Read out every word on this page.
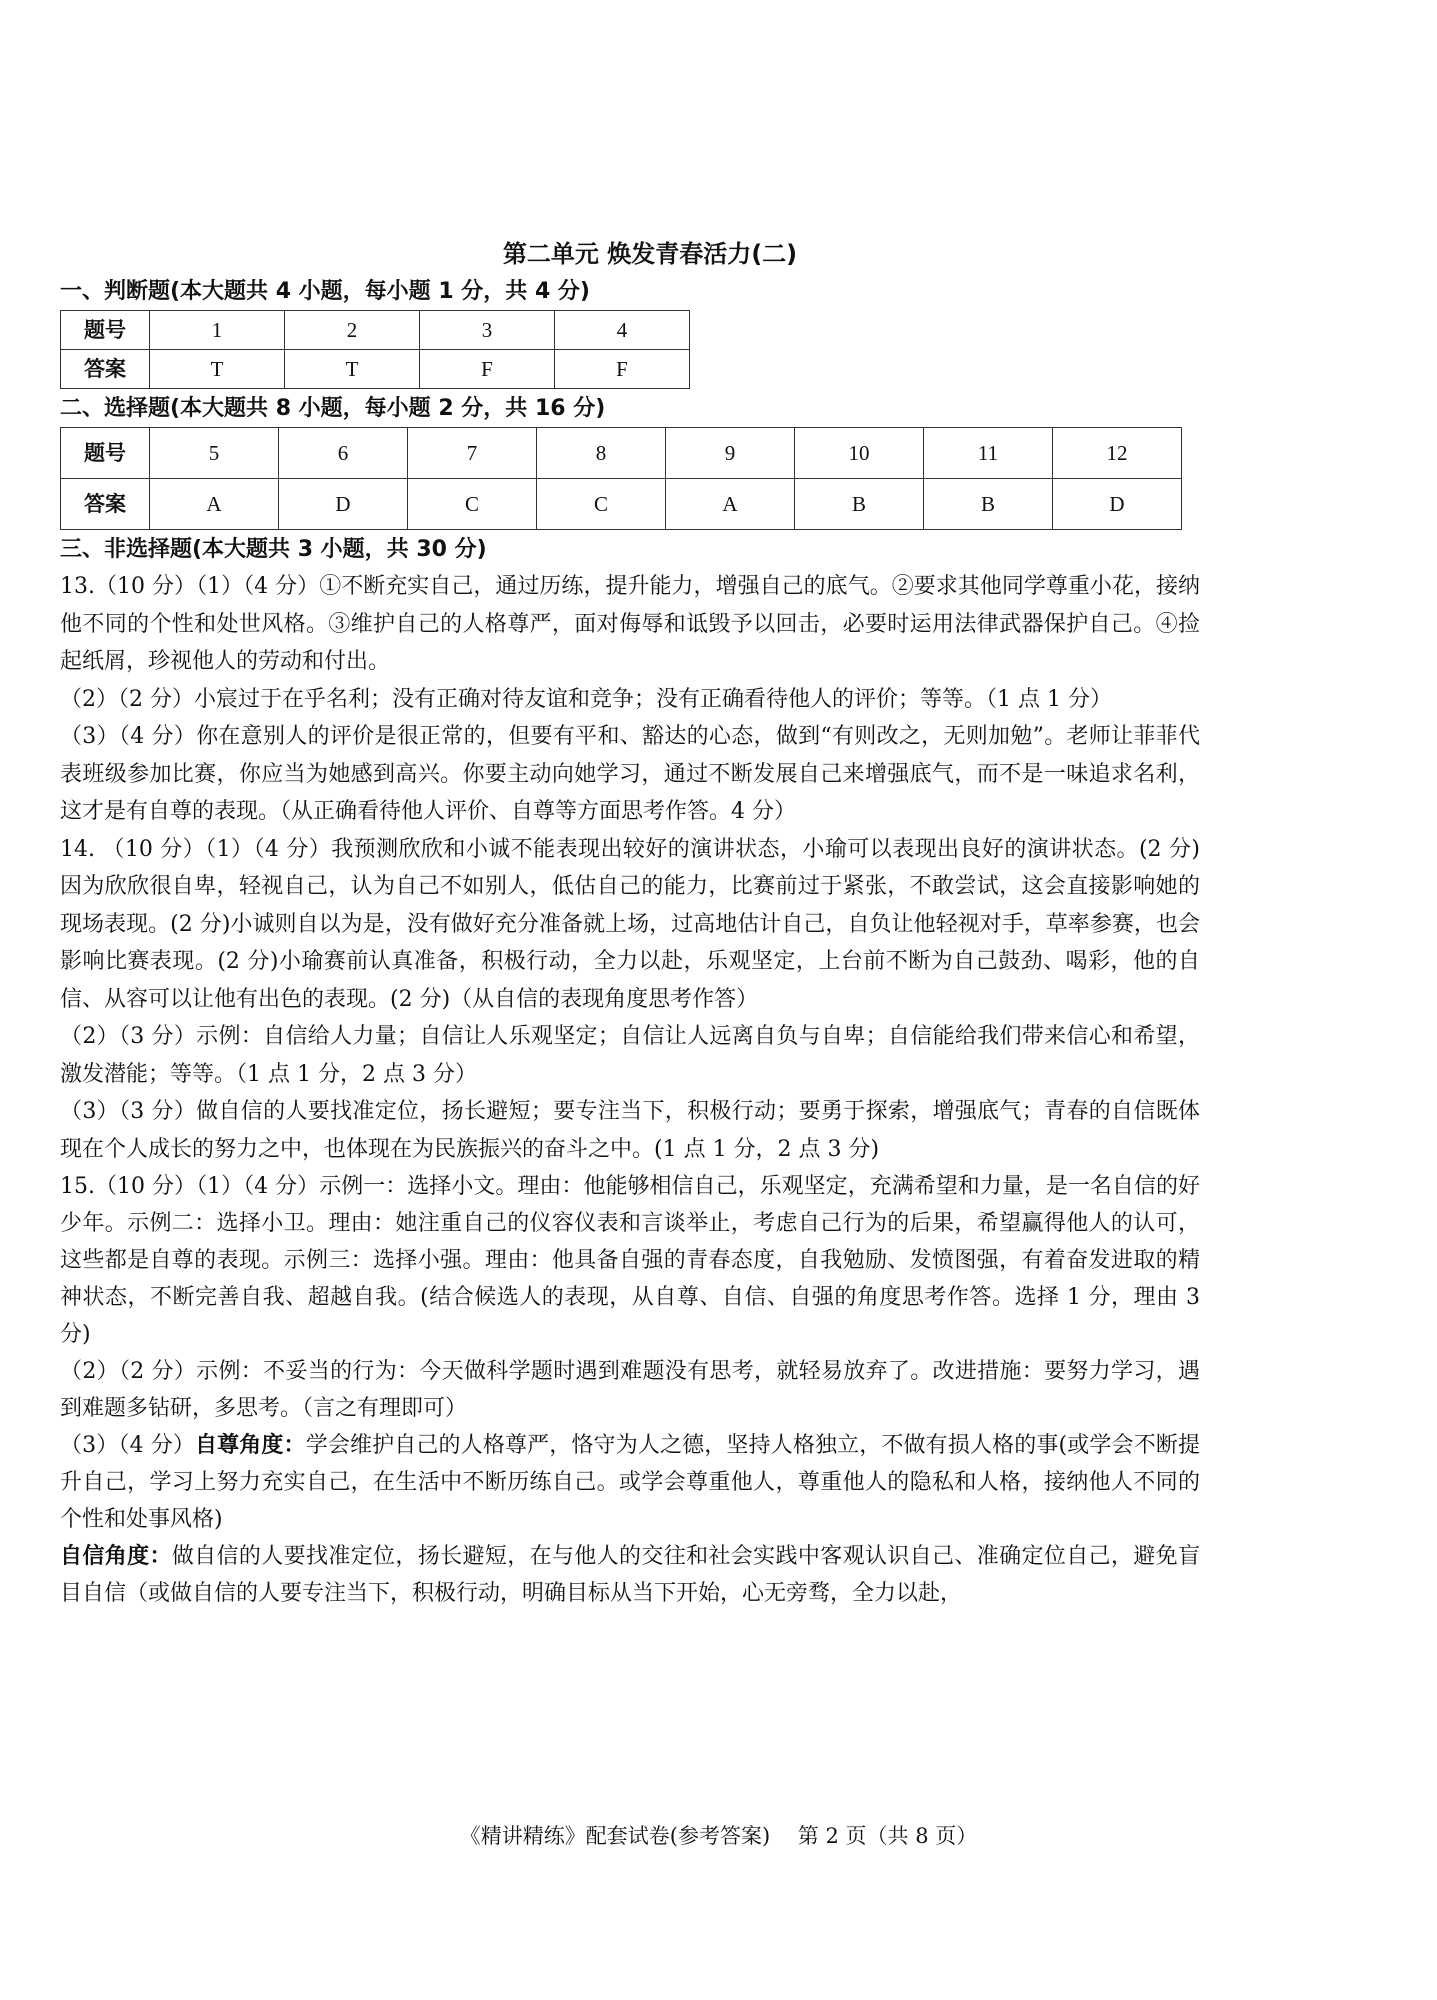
第二单元 焕发青春活力(二)
一、判断题(本大题共 4 小题，每小题 1 分，共 4 分)
题号	1	2	3	4
答案	T	T	F	F
二、选择题(本大题共 8 小题，每小题 2 分，共 16 分)
题号	5	6	7	8	9	10	11	12
答案	A	D	C	C	A	B	B	D
三、非选择题(本大题共 3 小题，共 30 分)

13.（10 分）（1）（4 分）①不断充实自己，通过历练，提升能力，增强自己的底气。②要求其他同学尊重小花，接纳他不同的个性和处世风格。③维护自己的人格尊严，面对侮辱和诋毁予以回击，必要时运用法律武器保护自己。④捡起纸屑，珍视他人的劳动和付出。

（2）（2 分）小宸过于在乎名利；没有正确对待友谊和竞争；没有正确看待他人的评价；等等。（1 点 1 分）

（3）（4 分）你在意别人的评价是很正常的，但要有平和、豁达的心态，做到“有则改之，无则加勉”。老师让菲菲代表班级参加比赛，你应当为她感到高兴。你要主动向她学习，通过不断发展自己来增强底气，而不是一味追求名利，这才是有自尊的表现。（从正确看待他人评价、自尊等方面思考作答。4 分）

14. （10 分）（1）（4 分）我预测欣欣和小诚不能表现出较好的演讲状态，小瑜可以表现出良好的演讲状态。(2 分)因为欣欣很自卑，轻视自己，认为自己不如别人，低估自己的能力，比赛前过于紧张，不敢尝试，这会直接影响她的现场表现。(2 分)小诚则自以为是，没有做好充分准备就上场，过高地估计自己，自负让他轻视对手，草率参赛，也会影响比赛表现。(2 分)小瑜赛前认真准备，积极行动，全力以赴，乐观坚定，上台前不断为自己鼓劲、喝彩，他的自信、从容可以让他有出色的表现。(2 分)（从自信的表现角度思考作答）

（2）（3 分）示例：自信给人力量；自信让人乐观坚定；自信让人远离自负与自卑；自信能给我们带来信心和希望，激发潜能；等等。（1 点 1 分，2 点 3 分）

（3）（3 分）做自信的人要找准定位，扬长避短；要专注当下，积极行动；要勇于探索，增强底气；青春的自信既体现在个人成长的努力之中，也体现在为民族振兴的奋斗之中。(1 点 1 分，2 点 3 分)

15.（10 分）（1）（4 分）示例一：选择小文。理由：他能够相信自己，乐观坚定，充满希望和力量，是一名自信的好少年。示例二：选择小卫。理由：她注重自己的仪容仪表和言谈举止，考虑自己行为的后果，希望赢得他人的认可，这些都是自尊的表现。示例三：选择小强。理由：他具备自强的青春态度，自我勉励、发愤图强，有着奋发进取的精神状态，不断完善自我、超越自我。(结合候选人的表现，从自尊、自信、自强的角度思考作答。选择 1 分，理由 3 分)

（2）（2 分）示例：不妥当的行为：今天做科学题时遇到难题没有思考，就轻易放弃了。改进措施：要努力学习，遇到难题多钻研，多思考。（言之有理即可）

（3）（4 分）自尊角度：学会维护自己的人格尊严，恪守为人之德，坚持人格独立，不做有损人格的事(或学会不断提升自己，学习上努力充实自己，在生活中不断历练自己。或学会尊重他人，尊重他人的隐私和人格，接纳他人不同的个性和处事风格)

自信角度：做自信的人要找准定位，扬长避短，在与他人的交往和社会实践中客观认识自己、准确定位自己，避免盲目自信（或做自信的人要专注当下，积极行动，明确目标从当下开始，心无旁骛，全力以赴，

《精讲精练》配套试卷(参考答案)　 第 2 页（共 8 页）
